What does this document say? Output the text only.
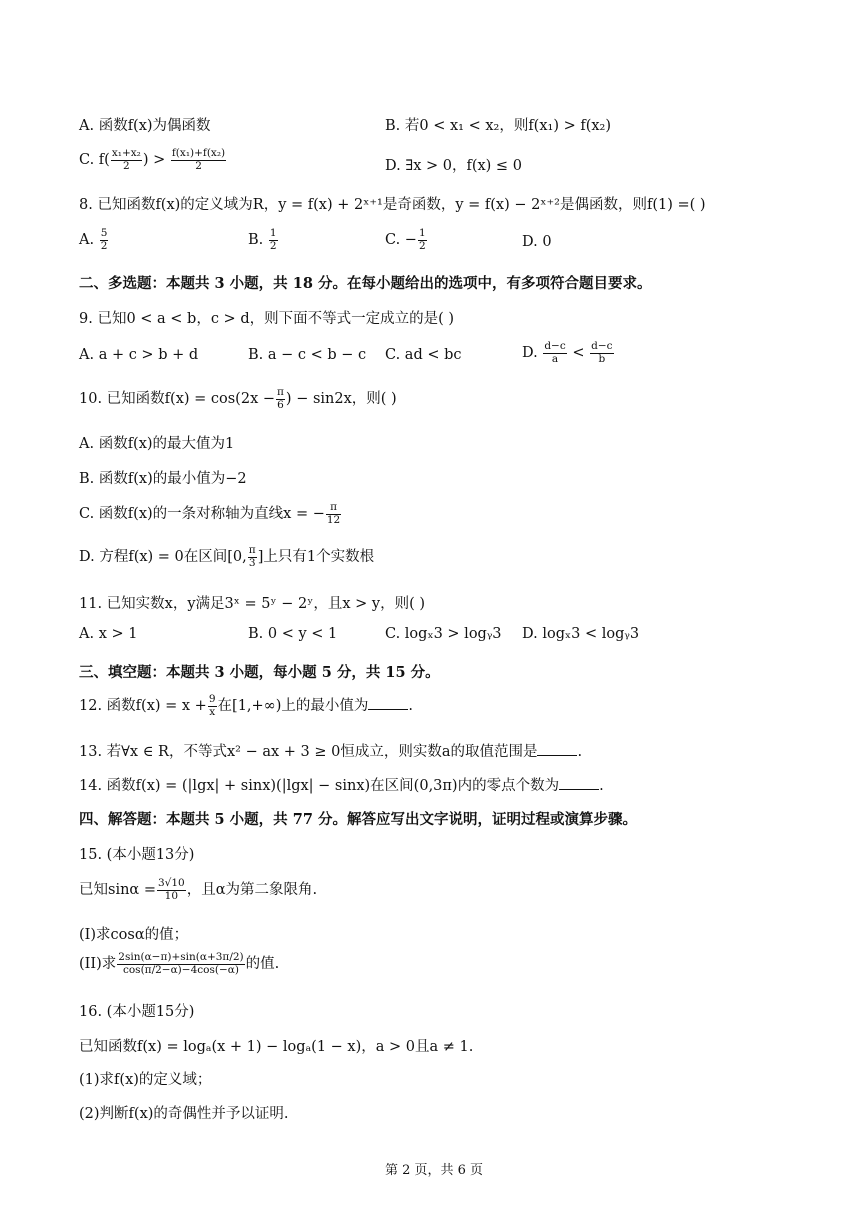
A. 函数f(x)为偶函数	B. 若0 < x₁ < x₂，则f(x₁) > f(x₂)
C. $f( \frac{\text{x₁+x₂}}{2}$ ) > $\frac{\text{f(x₁)+f(x₂)}}{2}$	D. ∃x > 0，f(x) ≤ 0
8. 已知函数f(x)的定义域为R，y = f(x) + 2ˣ⁺¹是奇函数，y = f(x) − 2ˣ⁺²是偶函数，则f(1) =( )
A. $\frac{5}{2}$	B. $\frac{1}{2}$	C. − $\frac{1}{2}$	D. 0
二、多选题：本题共 3 小题，共 18 分。在每小题给出的选项中，有多项符合题目要求。
9. 已知0 < a < b，c > d，则下面不等式一定成立的是( )
A. a + c > b + d	B. a − c < b − c C. ad < bc	D. $\frac{d-c}{a} < \frac{d-c}{b}$
10. 已知函数$f(x) = \cos(2x - \frac{\pi}{6}$ ) − sin2x，则( )
A. 函数f(x)的最大值为1
B. 函数f(x)的最小值为−2
C. 函数f(x)的一条对称轴为直线x = − $\frac{\pi}{12}$
D. 方程f(x) = 0在区间[0, $\frac{\pi}{3}$ ]上只有1个实数根
11. 已知实数x，y满足3ˣ = 5ʸ − 2ʸ，且x > y，则( )
A. x > 1	B. 0 < y < 1	C. logₓ3 > logᵧ3 D. logₓ3 < logᵧ3
三、填空题：本题共 3 小题，每小题 5 分，共 15 分。
12. 函数$f(x) = x + \frac{9}{x}$ 在[1,+∞)上的最小值为	.
13. 若∀x ∈ R，不等式x² − ax + 3 ≥ 0恒成立，则实数a的取值范围是	.
14. 函数f(x) = (|lgx| + sinx)(|lgx| − sinx)在区间(0,3π)内的零点个数为	.
四、解答题：本题共 5 小题，共 77 分。解答应写出文字说明，证明过程或演算步骤。
15. (本小题13分)
已知$\sin\alpha = \frac{3√10}{10}$ ，且α为第二象限角.
(I)求cosα的值；
(II)求 $\frac{2\sin(\alpha-\pi)+\sin(\alpha+3\pi/2)}{\cos(\pi/2-\alpha)-4\cos(-\alpha)}$ 的值.
16. (本小题15分)
已知函数f(x) = logₐ(x + 1) − logₐ(1 − x)，a > 0且a ≠ 1.
(1)求f(x)的定义域；
(2)判断f(x)的奇偶性并予以证明.
第 2 页，共 6 页
